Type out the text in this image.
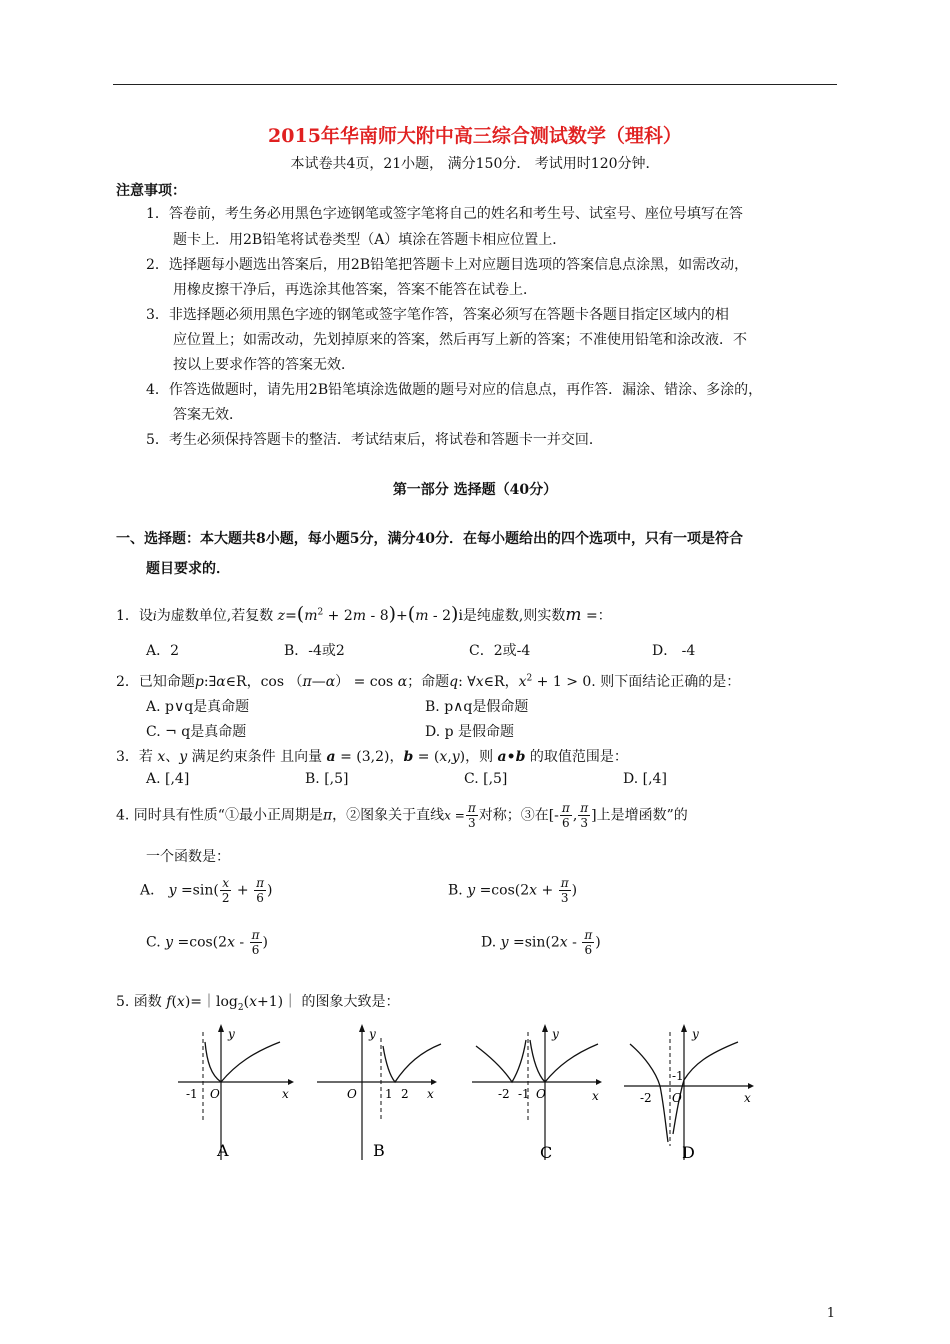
2015年华南师大附中高三综合测试数学（理科）
本试卷共4页，21小题， 满分150分． 考试用时120分钟．
注意事项：
1．答卷前，考生务必用黑色字迹钢笔或签字笔将自己的姓名和考生号、试室号、座位号填写在答
题卡上．用2B铅笔将试卷类型（A）填涂在答题卡相应位置上．
2．选择题每小题选出答案后，用2B铅笔把答题卡上对应题目选项的答案信息点涂黑，如需改动，
用橡皮擦干净后，再选涂其他答案，答案不能答在试卷上．
3．非选择题必须用黑色字迹的钢笔或签字笔作答，答案必须写在答题卡各题目指定区域内的相
应位置上；如需改动，先划掉原来的答案，然后再写上新的答案；不准使用铅笔和涂改液．不
按以上要求作答的答案无效．
4．作答选做题时，请先用2B铅笔填涂选做题的题号对应的信息点，再作答．漏涂、错涂、多涂的，
答案无效．
5．考生必须保持答题卡的整洁．考试结束后，将试卷和答题卡一并交回．
第一部分 选择题（40分）
一、选择题：本大题共8小题，每小题5分，满分40分．在每小题给出的四个选项中，只有一项是符合
题目要求的．
1．设i为虚数单位,若复数 $z=(m^2 + 2m - 8)+(m - 2)i$是纯虚数,则实数m =：
A．2	B．-4或2	C．2或-4	D． -4
2．已知命题p:∃α∈R，cos （π—α） = cos α；命题q: ∀x∈R，$x^2 + 1 > 0$. 则下面结论正确的是：
A. p∨q是真命题	B. p∧q是假命题
C. ¬ q是真命题	D. p 是假命题
3．若 x、y 满足约束条件 且向量 a = (3,2)，b = (x,y)，则 a•b 的取值范围是：
A. [,4]	B. [,5]	C. [,5]	D. [,4]
4. 同时具有性质“①最小正周期是π，②图象关于直线$x = \frac{\pi}{3}$ 对称；③在[- $\frac{\pi}{6}$ , $\frac{\pi}{3}$ ]上是增函数”的
一个函数是：
A． $y =\sin( \frac{x}{2} + \frac{\pi}{6}$ )	B. $y =\cos(2x + \frac{\pi}{3}$ )
C. $y =\cos(2x - \frac{\pi}{6}$ )	D. $y =\sin(2x - \frac{\pi}{6}$ )
5. 函数 $f(x)=|\log_2(x+1)|$ 的图象大致是：
y
x
O
-1
A
y
x
O 1 2
B
y
x
O
-2 -1
C
y
x
O
-2
-1
D
1
